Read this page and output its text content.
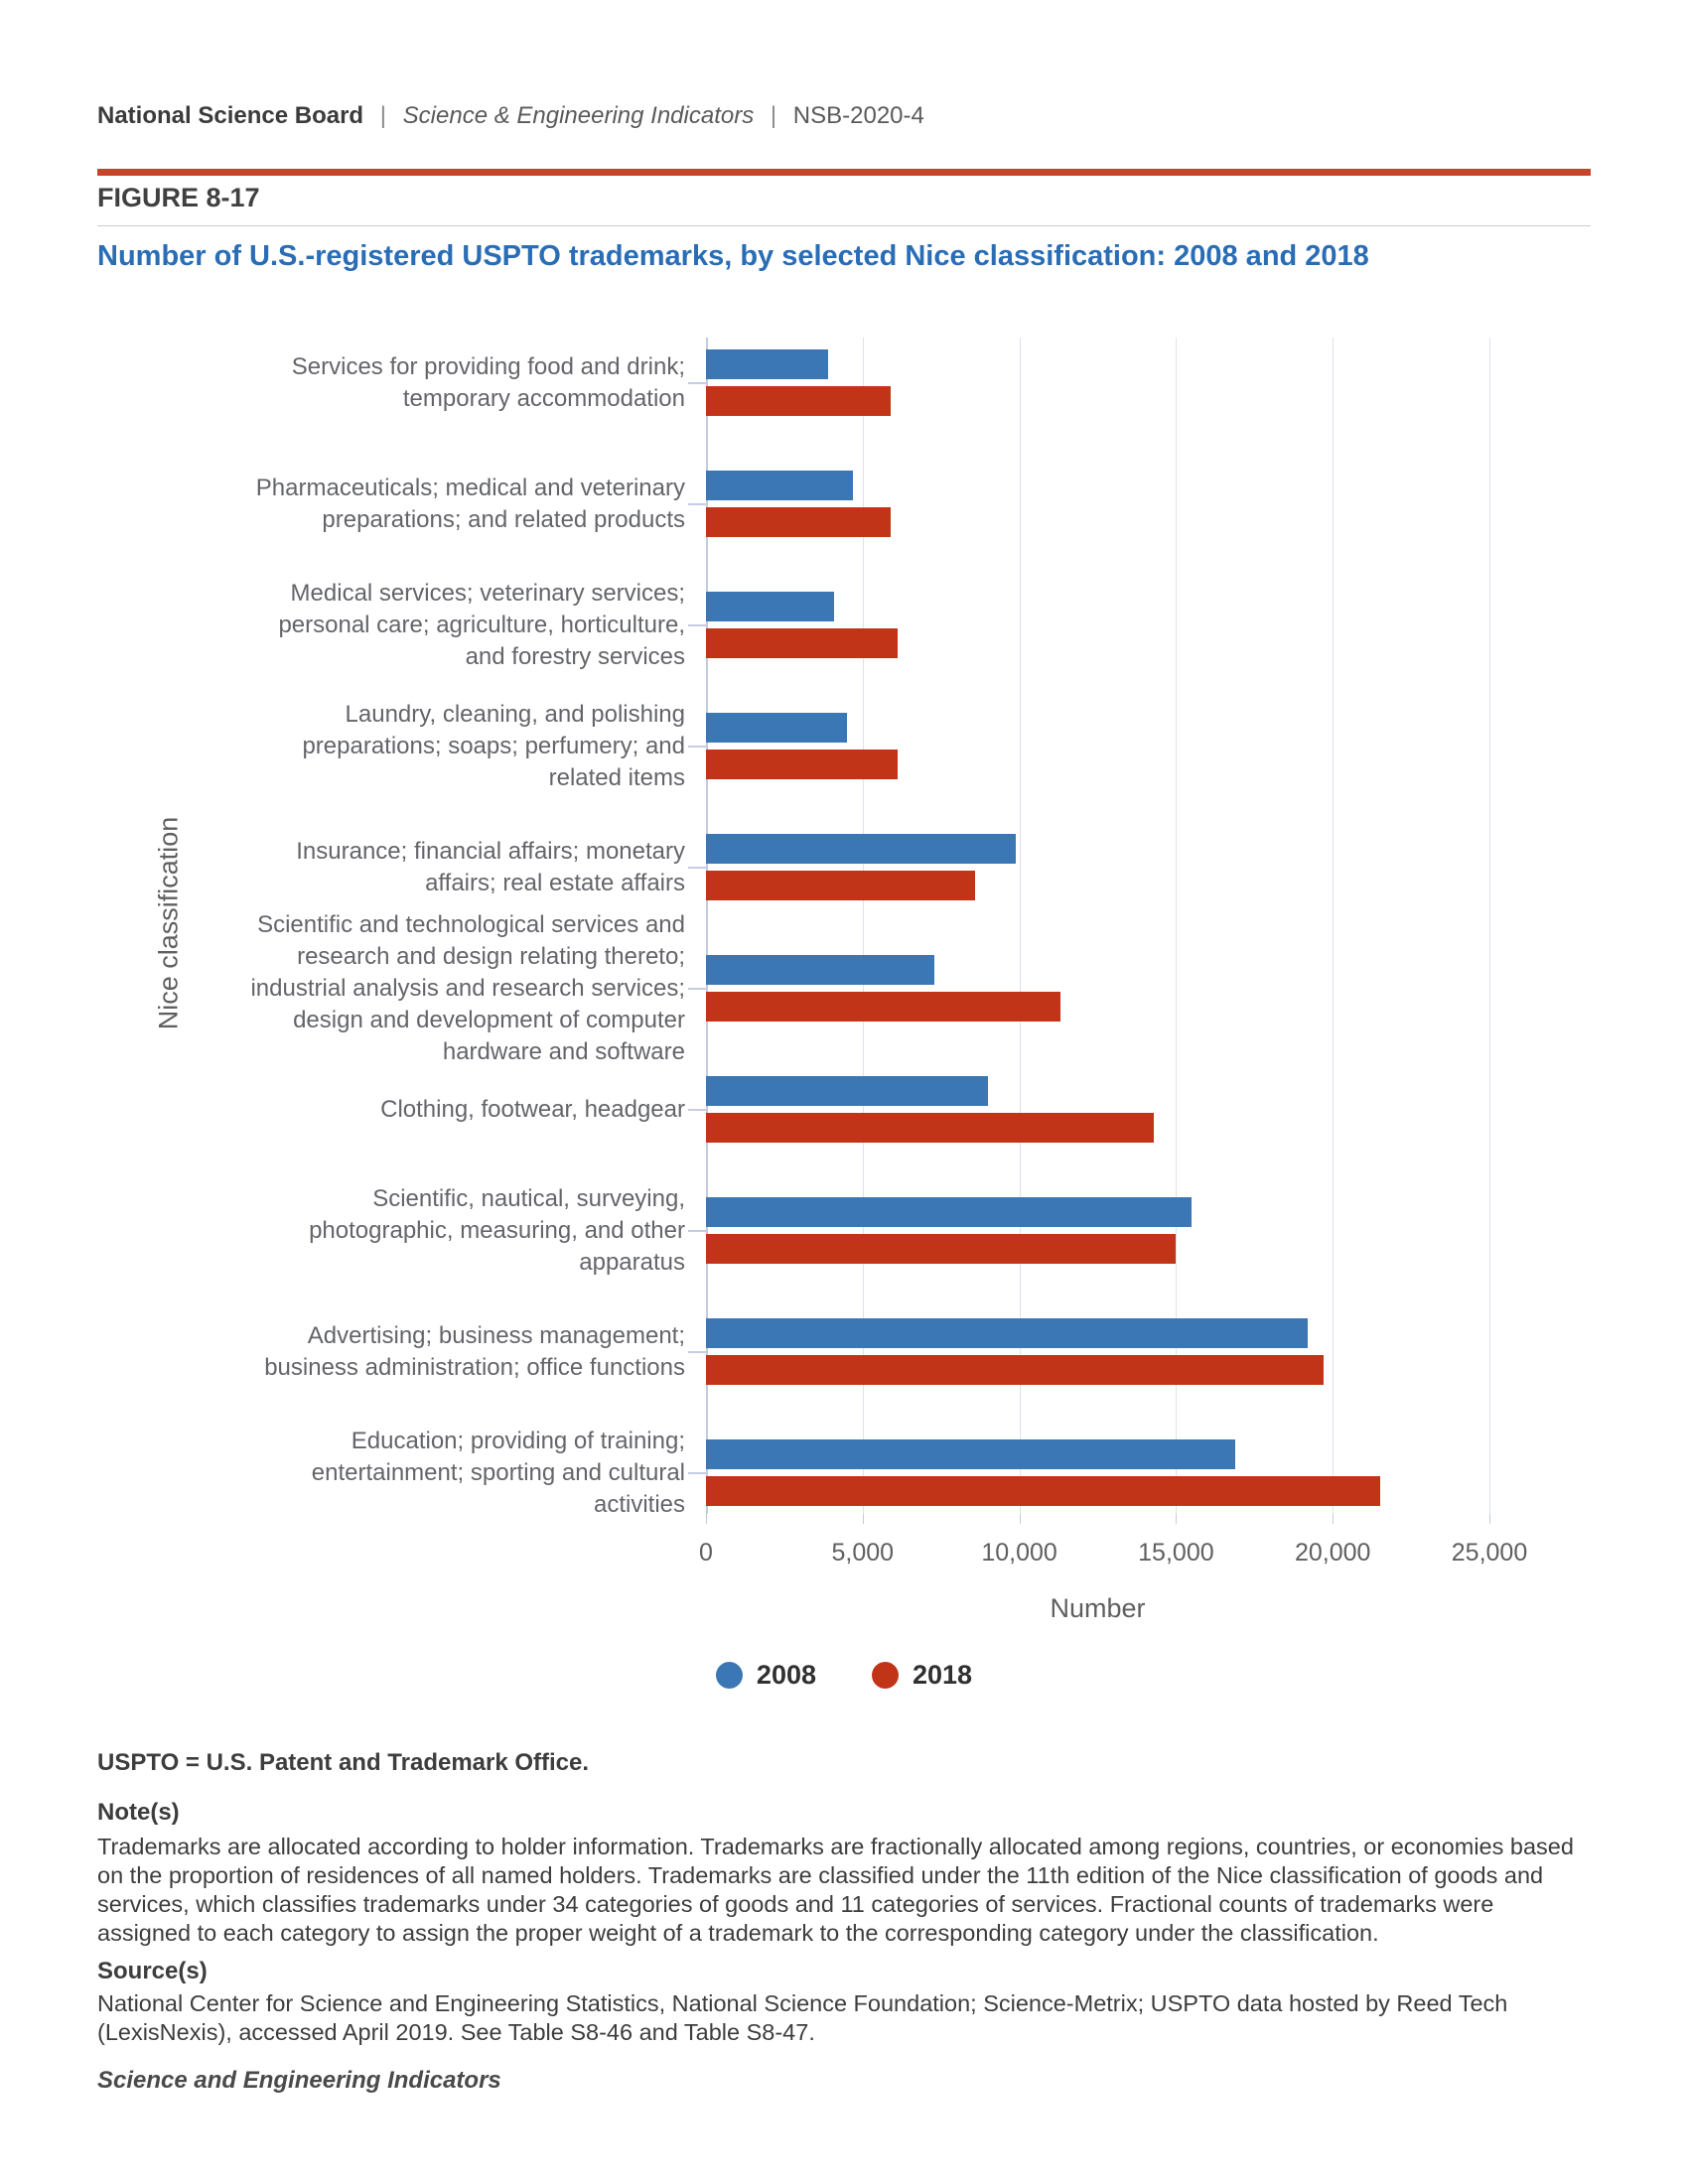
National Science Board | Science & Engineering Indicators | NSB-2020-4
FIGURE 8-17
Number of U.S.-registered USPTO trademarks, by selected Nice classification: 2008 and 2018
0	5,000	10,000	15,000	20,000	25,000
Services for providing food and drink;
temporary accommodation
Pharmaceuticals; medical and veterinary
preparations; and related products
Medical services; veterinary services;
personal care; agriculture, horticulture,
and forestry services
Laundry, cleaning, and polishing
preparations; soaps; perfumery; and
related items
Insurance; financial affairs; monetary
affairs; real estate affairs
Scientific and technological services and
research and design relating thereto;
industrial analysis and research services;
design and development of computer
hardware and software
Clothing, footwear, headgear
Scientific, nautical, surveying,
photographic, measuring, and other
apparatus
Advertising; business management;
business administration; office functions
Education; providing of training;
entertainment; sporting and cultural
activities
Nice classification
Number
2008	2018
USPTO = U.S. Patent and Trademark Office.
Note(s)
Trademarks are allocated according to holder information. Trademarks are fractionally allocated among regions, countries, or economies based on the proportion of residences of all named holders. Trademarks are classified under the 11th edition of the Nice classification of goods and services, which classifies trademarks under 34 categories of goods and 11 categories of services. Fractional counts of trademarks were assigned to each category to assign the proper weight of a trademark to the corresponding category under the classification.
Source(s)
National Center for Science and Engineering Statistics, National Science Foundation; Science-Metrix; USPTO data hosted by Reed Tech (LexisNexis), accessed April 2019. See Table S8-46 and Table S8-47.
Science and Engineering Indicators
